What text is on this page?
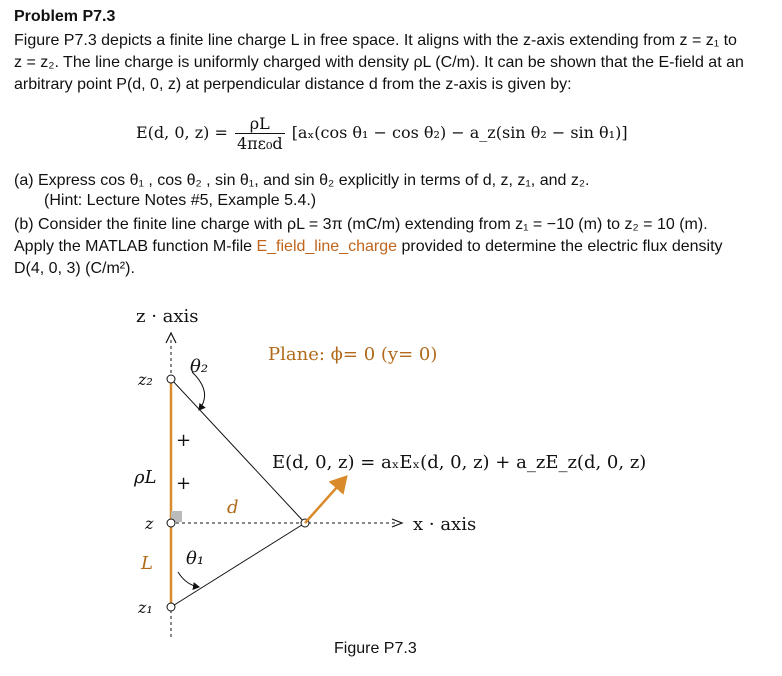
Problem P7.3
Figure P7.3 depicts a finite line charge L in free space. It aligns with the z-axis extending from z = z₁ to z = z₂. The line charge is uniformly charged with density ρL (C/m). It can be shown that the E-field at an arbitrary point P(d, 0, z) at perpendicular distance d from the z-axis is given by:
E(d, 0, $z) = \frac{\rho L}{\text{4πε₀d}} [a_x(\cos$ θ₁ − cos θ₂) − a_z(sin θ₂ − sin θ₁)]
(a) Express cos θ₁ , cos θ₂ , sin θ₁, and sin θ₂ explicitly in terms of d, z, z₁, and z₂.
(Hint: Lecture Notes #5, Example 5.4.)
(b) Consider the finite line charge with ρL = 3π (mC/m) extending from z₁ = −10 (m) to z₂ = 10 (m). Apply the MATLAB function M-file E_field_line_charge provided to determine the electric flux density D(4, 0, 3) (C/m²).
z · axis
Plane: ϕ= 0 (y= 0)
z₂
θ₂
+
+
ρL
E(d, 0, z) = aₓEₓ(d, 0, z) + a_zE_z(d, 0, z)
d
z	x · axis
L θ₁
z₁
Figure P7.3
